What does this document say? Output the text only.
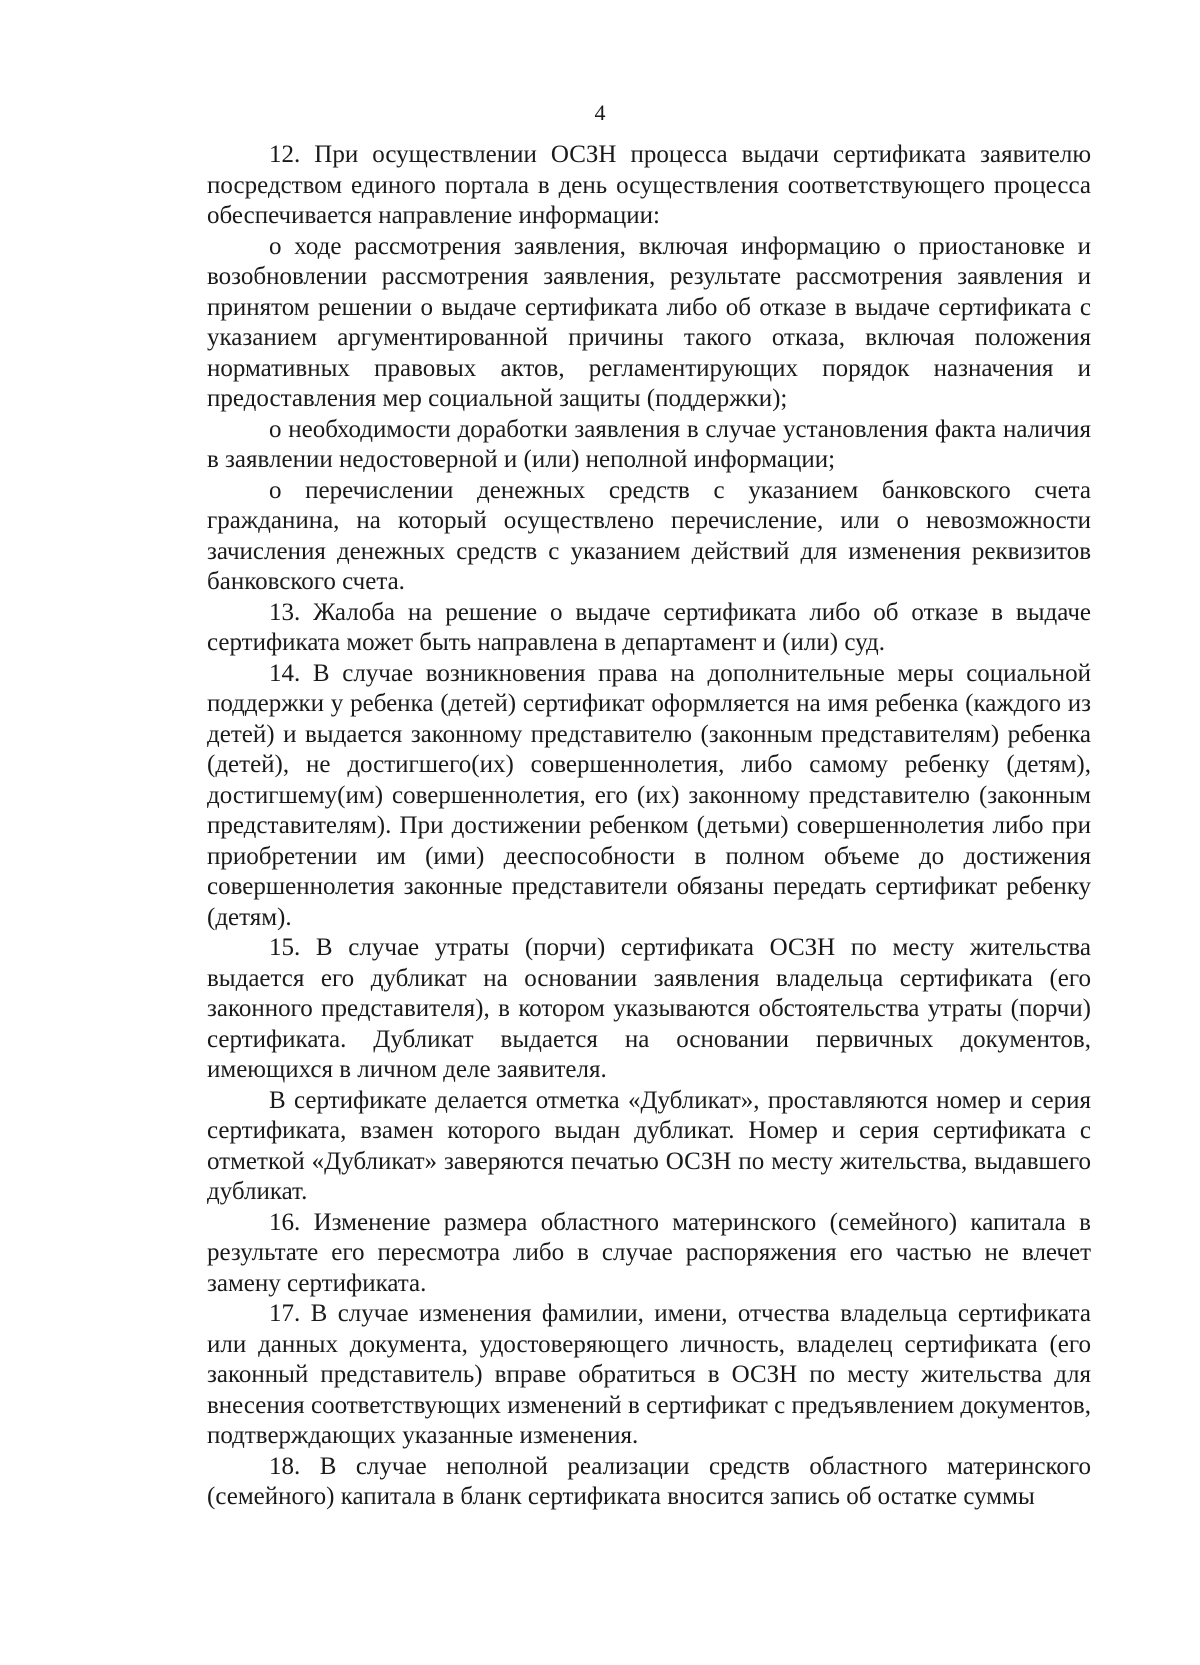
4

12. При осуществлении ОСЗН процесса выдачи сертификата заявителю посредством единого портала в день осуществления соответствующего процесса обеспечивается направление информации:

о ходе рассмотрения заявления, включая информацию о приостановке и возобновлении рассмотрения заявления, результате рассмотрения заявления и принятом решении о выдаче сертификата либо об отказе в выдаче сертификата с указанием аргументированной причины такого отказа, включая положения нормативных правовых актов, регламентирующих порядок назначения и предоставления мер социальной защиты (поддержки);

о необходимости доработки заявления в случае установления факта наличия в заявлении недостоверной и (или) неполной информации;

о перечислении денежных средств с указанием банковского счета гражданина, на который осуществлено перечисление, или о невозможности зачисления денежных средств с указанием действий для изменения реквизитов банковского счета.

13. Жалоба на решение о выдаче сертификата либо об отказе в выдаче сертификата может быть направлена в департамент и (или) суд.

14. В случае возникновения права на дополнительные меры социальной поддержки у ребенка (детей) сертификат оформляется на имя ребенка (каждого из детей) и выдается законному представителю (законным представителям) ребенка (детей), не достигшего(их) совершеннолетия, либо самому ребенку (детям), достигшему(им) совершеннолетия, его (их) законному представителю (законным представителям). При достижении ребенком (детьми) совершеннолетия либо при приобретении им (ими) дееспособности в полном объеме до достижения совершеннолетия законные представители обязаны передать сертификат ребенку (детям).

15. В случае утраты (порчи) сертификата ОСЗН по месту жительства выдается его дубликат на основании заявления владельца сертификата (его законного представителя), в котором указываются обстоятельства утраты (порчи) сертификата. Дубликат выдается на основании первичных документов, имеющихся в личном деле заявителя.

В сертификате делается отметка «Дубликат», проставляются номер и серия сертификата, взамен которого выдан дубликат. Номер и серия сертификата с отметкой «Дубликат» заверяются печатью ОСЗН по месту жительства, выдавшего дубликат.

16. Изменение размера областного материнского (семейного) капитала в результате его пересмотра либо в случае распоряжения его частью не влечет замену сертификата.

17. В случае изменения фамилии, имени, отчества владельца сертификата или данных документа, удостоверяющего личность, владелец сертификата (его законный представитель) вправе обратиться в ОСЗН по месту жительства для внесения соответствующих изменений в сертификат с предъявлением документов, подтверждающих указанные изменения.

18. В случае неполной реализации средств областного материнского (семейного) капитала в бланк сертификата вносится запись об остатке суммы
